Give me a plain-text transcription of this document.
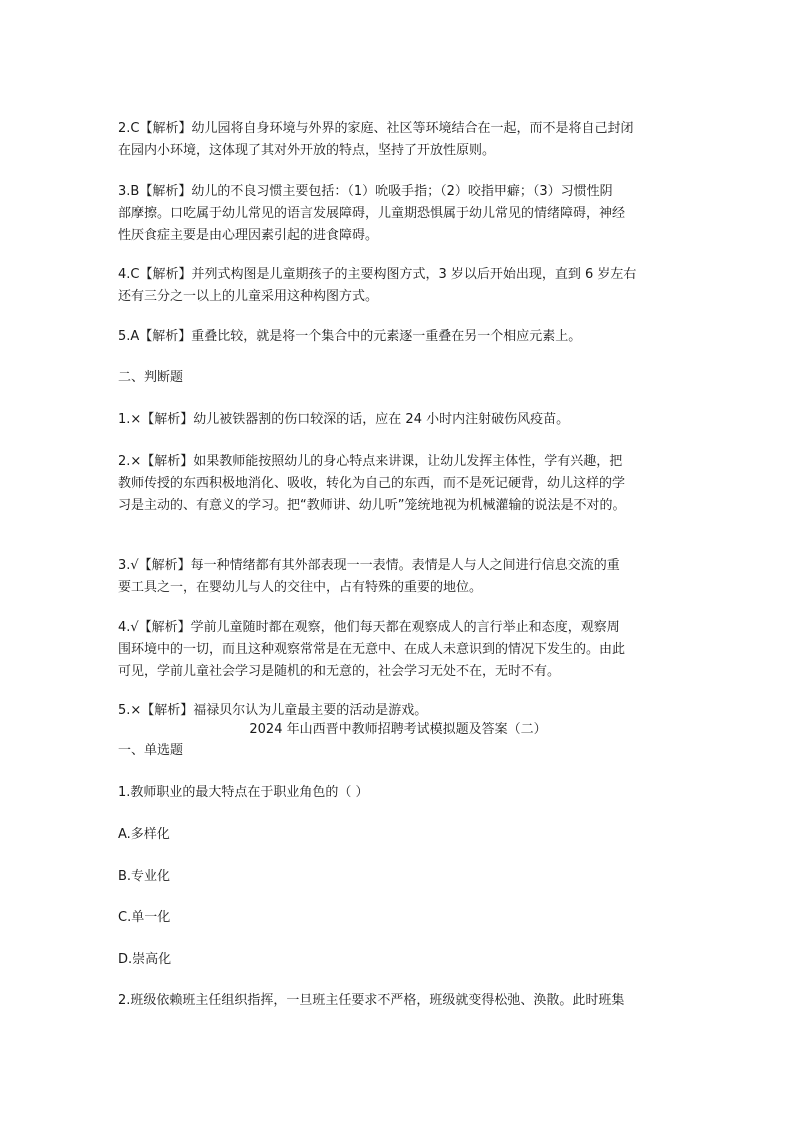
2.C【解析】幼儿园将自身环境与外界的家庭、社区等环境结合在一起，而不是将自己封闭
在园内小环境，这体现了其对外开放的特点，坚持了开放性原则。
3.B【解析】幼儿的不良习惯主要包括：（1）吮吸手指；（2）咬指甲癖；（3）习惯性阴
部摩擦。口吃属于幼儿常见的语言发展障碍，儿童期恐惧属于幼儿常见的情绪障碍，神经
性厌食症主要是由心理因素引起的进食障碍。
4.C【解析】并列式构图是儿童期孩子的主要构图方式，3 岁以后开始出现，直到 6 岁左右
还有三分之一以上的儿童采用这种构图方式。
5.A【解析】重叠比较，就是将一个集合中的元素逐一重叠在另一个相应元素上。
二、判断题
1.×【解析】幼儿被铁器割的伤口较深的话，应在 24 小时内注射破伤风疫苗。
2.×【解析】如果教师能按照幼儿的身心特点来讲课，让幼儿发挥主体性，学有兴趣，把
教师传授的东西积极地消化、吸收，转化为自己的东西，而不是死记硬背，幼儿这样的学
习是主动的、有意义的学习。把“教师讲、幼儿听”笼统地视为机械灌输的说法是不对的。
3.√【解析】每一种情绪都有其外部表现一一表情。表情是人与人之间进行信息交流的重
要工具之一，在婴幼儿与人的交往中，占有特殊的重要的地位。
4.√【解析】学前儿童随时都在观察，他们每天都在观察成人的言行举止和态度，观察周
围环境中的一切，而且这种观察常常是在无意中、在成人未意识到的情况下发生的。由此
可见，学前儿童社会学习是随机的和无意的，社会学习无处不在，无时不有。
5.×【解析】福禄贝尔认为儿童最主要的活动是游戏。
2024 年山西晋中教师招聘考试模拟题及答案（二）
一、单选题
1.教师职业的最大特点在于职业角色的（ ）
A.多样化
B.专业化
C.单一化
D.崇高化
2.班级依赖班主任组织指挥，一旦班主任要求不严格，班级就变得松弛、涣散。此时班集
